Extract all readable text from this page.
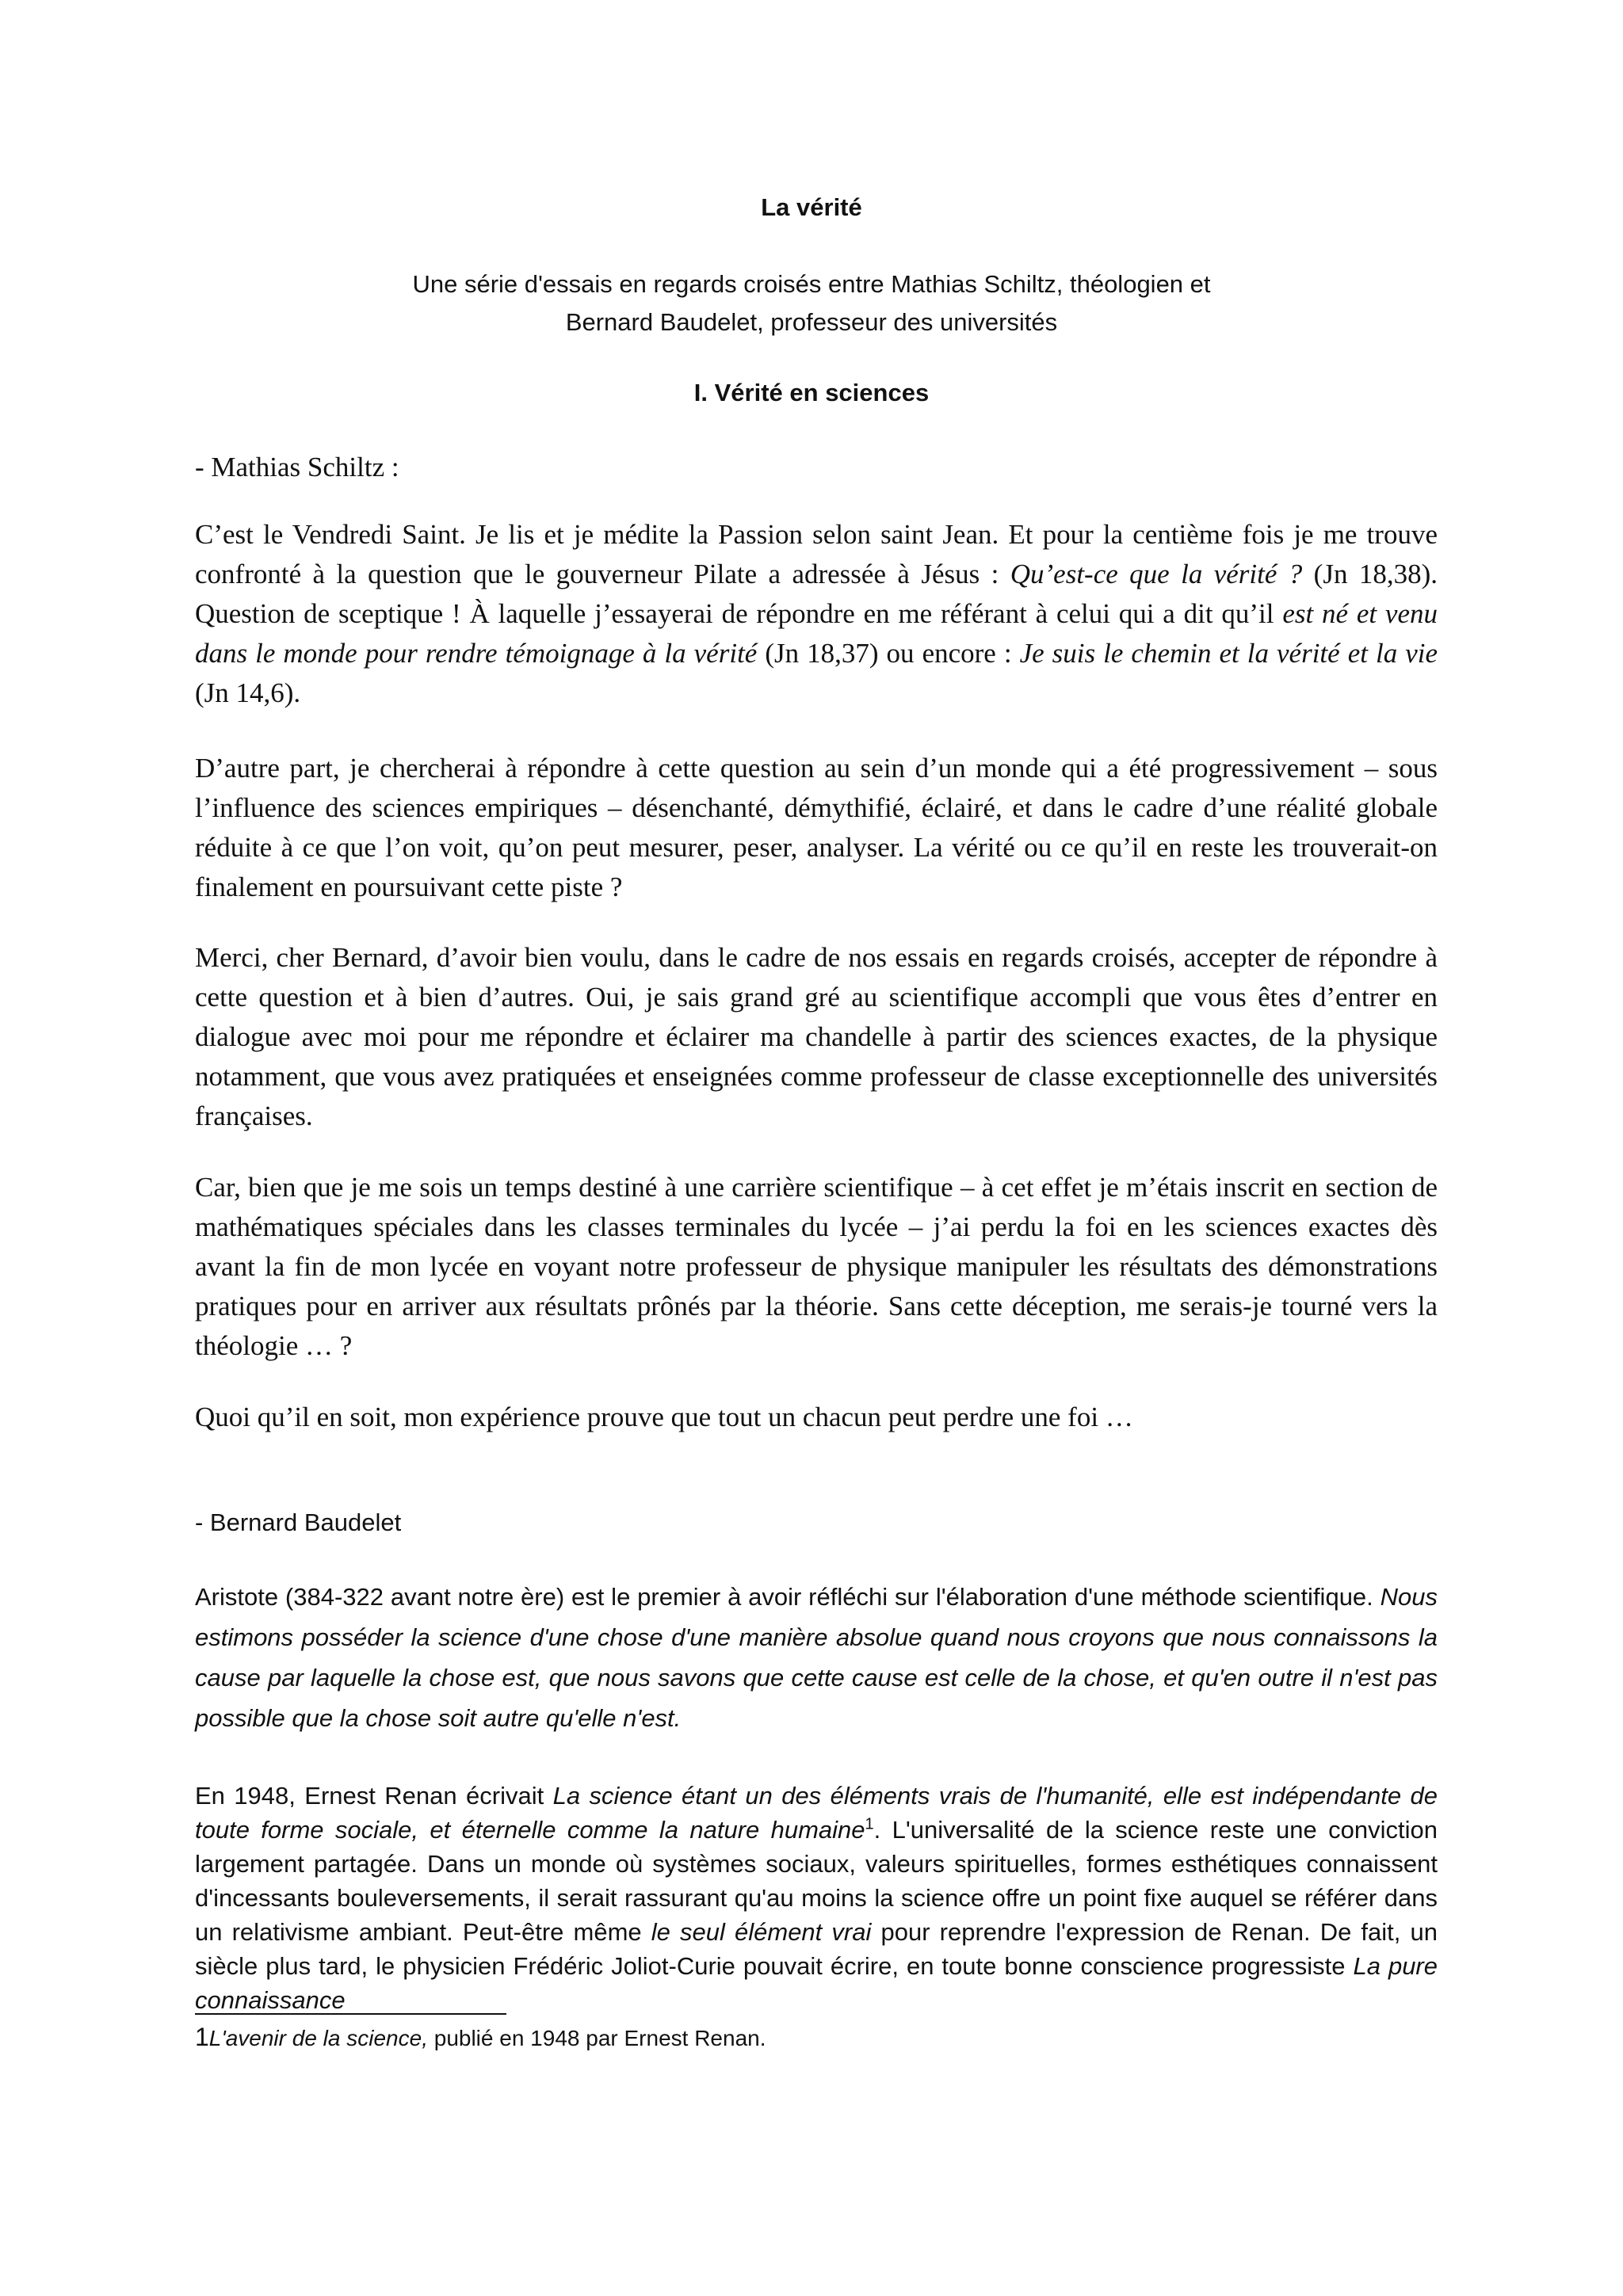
La vérité
Une série d'essais en regards croisés entre Mathias Schiltz, théologien et
Bernard Baudelet, professeur des universités
I. Vérité en sciences
- Mathias Schiltz :

C’est le Vendredi Saint. Je lis et je médite la Passion selon saint Jean. Et pour la centième fois je me trouve confronté à la question que le gouverneur Pilate a adressée à Jésus : Qu’est-ce que la vérité ? (Jn 18,38). Question de sceptique ! À laquelle j’essayerai de répondre en me référant à celui qui a dit qu’il est né et venu dans le monde pour rendre témoignage à la vérité (Jn 18,37) ou encore : Je suis le chemin et la vérité et la vie (Jn 14,6).

D’autre part, je chercherai à répondre à cette question au sein d’un monde qui a été progressivement – sous l’influence des sciences empiriques – désenchanté, démythifié, éclairé, et dans le cadre d’une réalité globale réduite à ce que l’on voit, qu’on peut mesurer, peser, analyser. La vérité ou ce qu’il en reste les trouverait-on finalement en poursuivant cette piste ?

Merci, cher Bernard, d’avoir bien voulu, dans le cadre de nos essais en regards croisés, accepter de répondre à cette question et à bien d’autres. Oui, je sais grand gré au scientifique accompli que vous êtes d’entrer en dialogue avec moi pour me répondre et éclairer ma chandelle à partir des sciences exactes, de la physique notamment, que vous avez pratiquées et enseignées comme professeur de classe exceptionnelle des universités françaises.

Car, bien que je me sois un temps destiné à une carrière scientifique – à cet effet je m’étais inscrit en section de mathématiques spéciales dans les classes terminales du lycée – j’ai perdu la foi en les sciences exactes dès avant la fin de mon lycée en voyant notre professeur de physique manipuler les résultats des démonstrations pratiques pour en arriver aux résultats prônés par la théorie. Sans cette déception, me serais-je tourné vers la théologie … ?

Quoi qu’il en soit, mon expérience prouve que tout un chacun peut perdre une foi …

- Bernard Baudelet

Aristote (384-322 avant notre ère) est le premier à avoir réfléchi sur l'élaboration d'une méthode scientifique. Nous estimons posséder la science d'une chose d'une manière absolue quand nous croyons que nous connaissons la cause par laquelle la chose est, que nous savons que cette cause est celle de la chose, et qu'en outre il n'est pas possible que la chose soit autre qu'elle n'est.

En 1948, Ernest Renan écrivait La science étant un des éléments vrais de l'humanité, elle est indépendante de toute forme sociale, et éternelle comme la nature humaine$^1$. L'universalité de la science reste une conviction largement partagée. Dans un monde où systèmes sociaux, valeurs spirituelles, formes esthétiques connaissent d'incessants bouleversements, il serait rassurant qu'au moins la science offre un point fixe auquel se référer dans un relativisme ambiant. Peut-être même le seul élément vrai pour reprendre l'expression de Renan. De fait, un siècle plus tard, le physicien Frédéric Joliot-Curie pouvait écrire, en toute bonne conscience progressiste La pure connaissance

1L'avenir de la science, publié en 1948 par Ernest Renan.
